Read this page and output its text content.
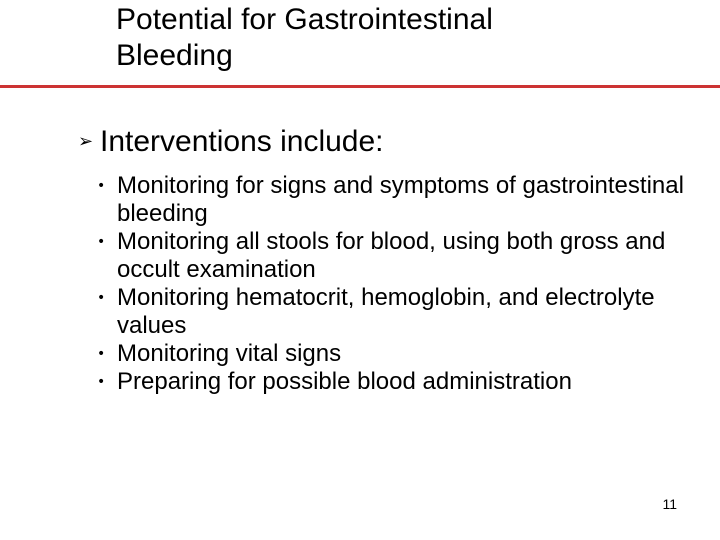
Potential for Gastrointestinal
Bleeding
➢ Interventions include:
• Monitoring for signs and symptoms of gastrointestinal bleeding
• Monitoring all stools for blood, using both gross and occult examination
• Monitoring hematocrit, hemoglobin, and electrolyte values
• Monitoring vital signs
• Preparing for possible blood administration
11
